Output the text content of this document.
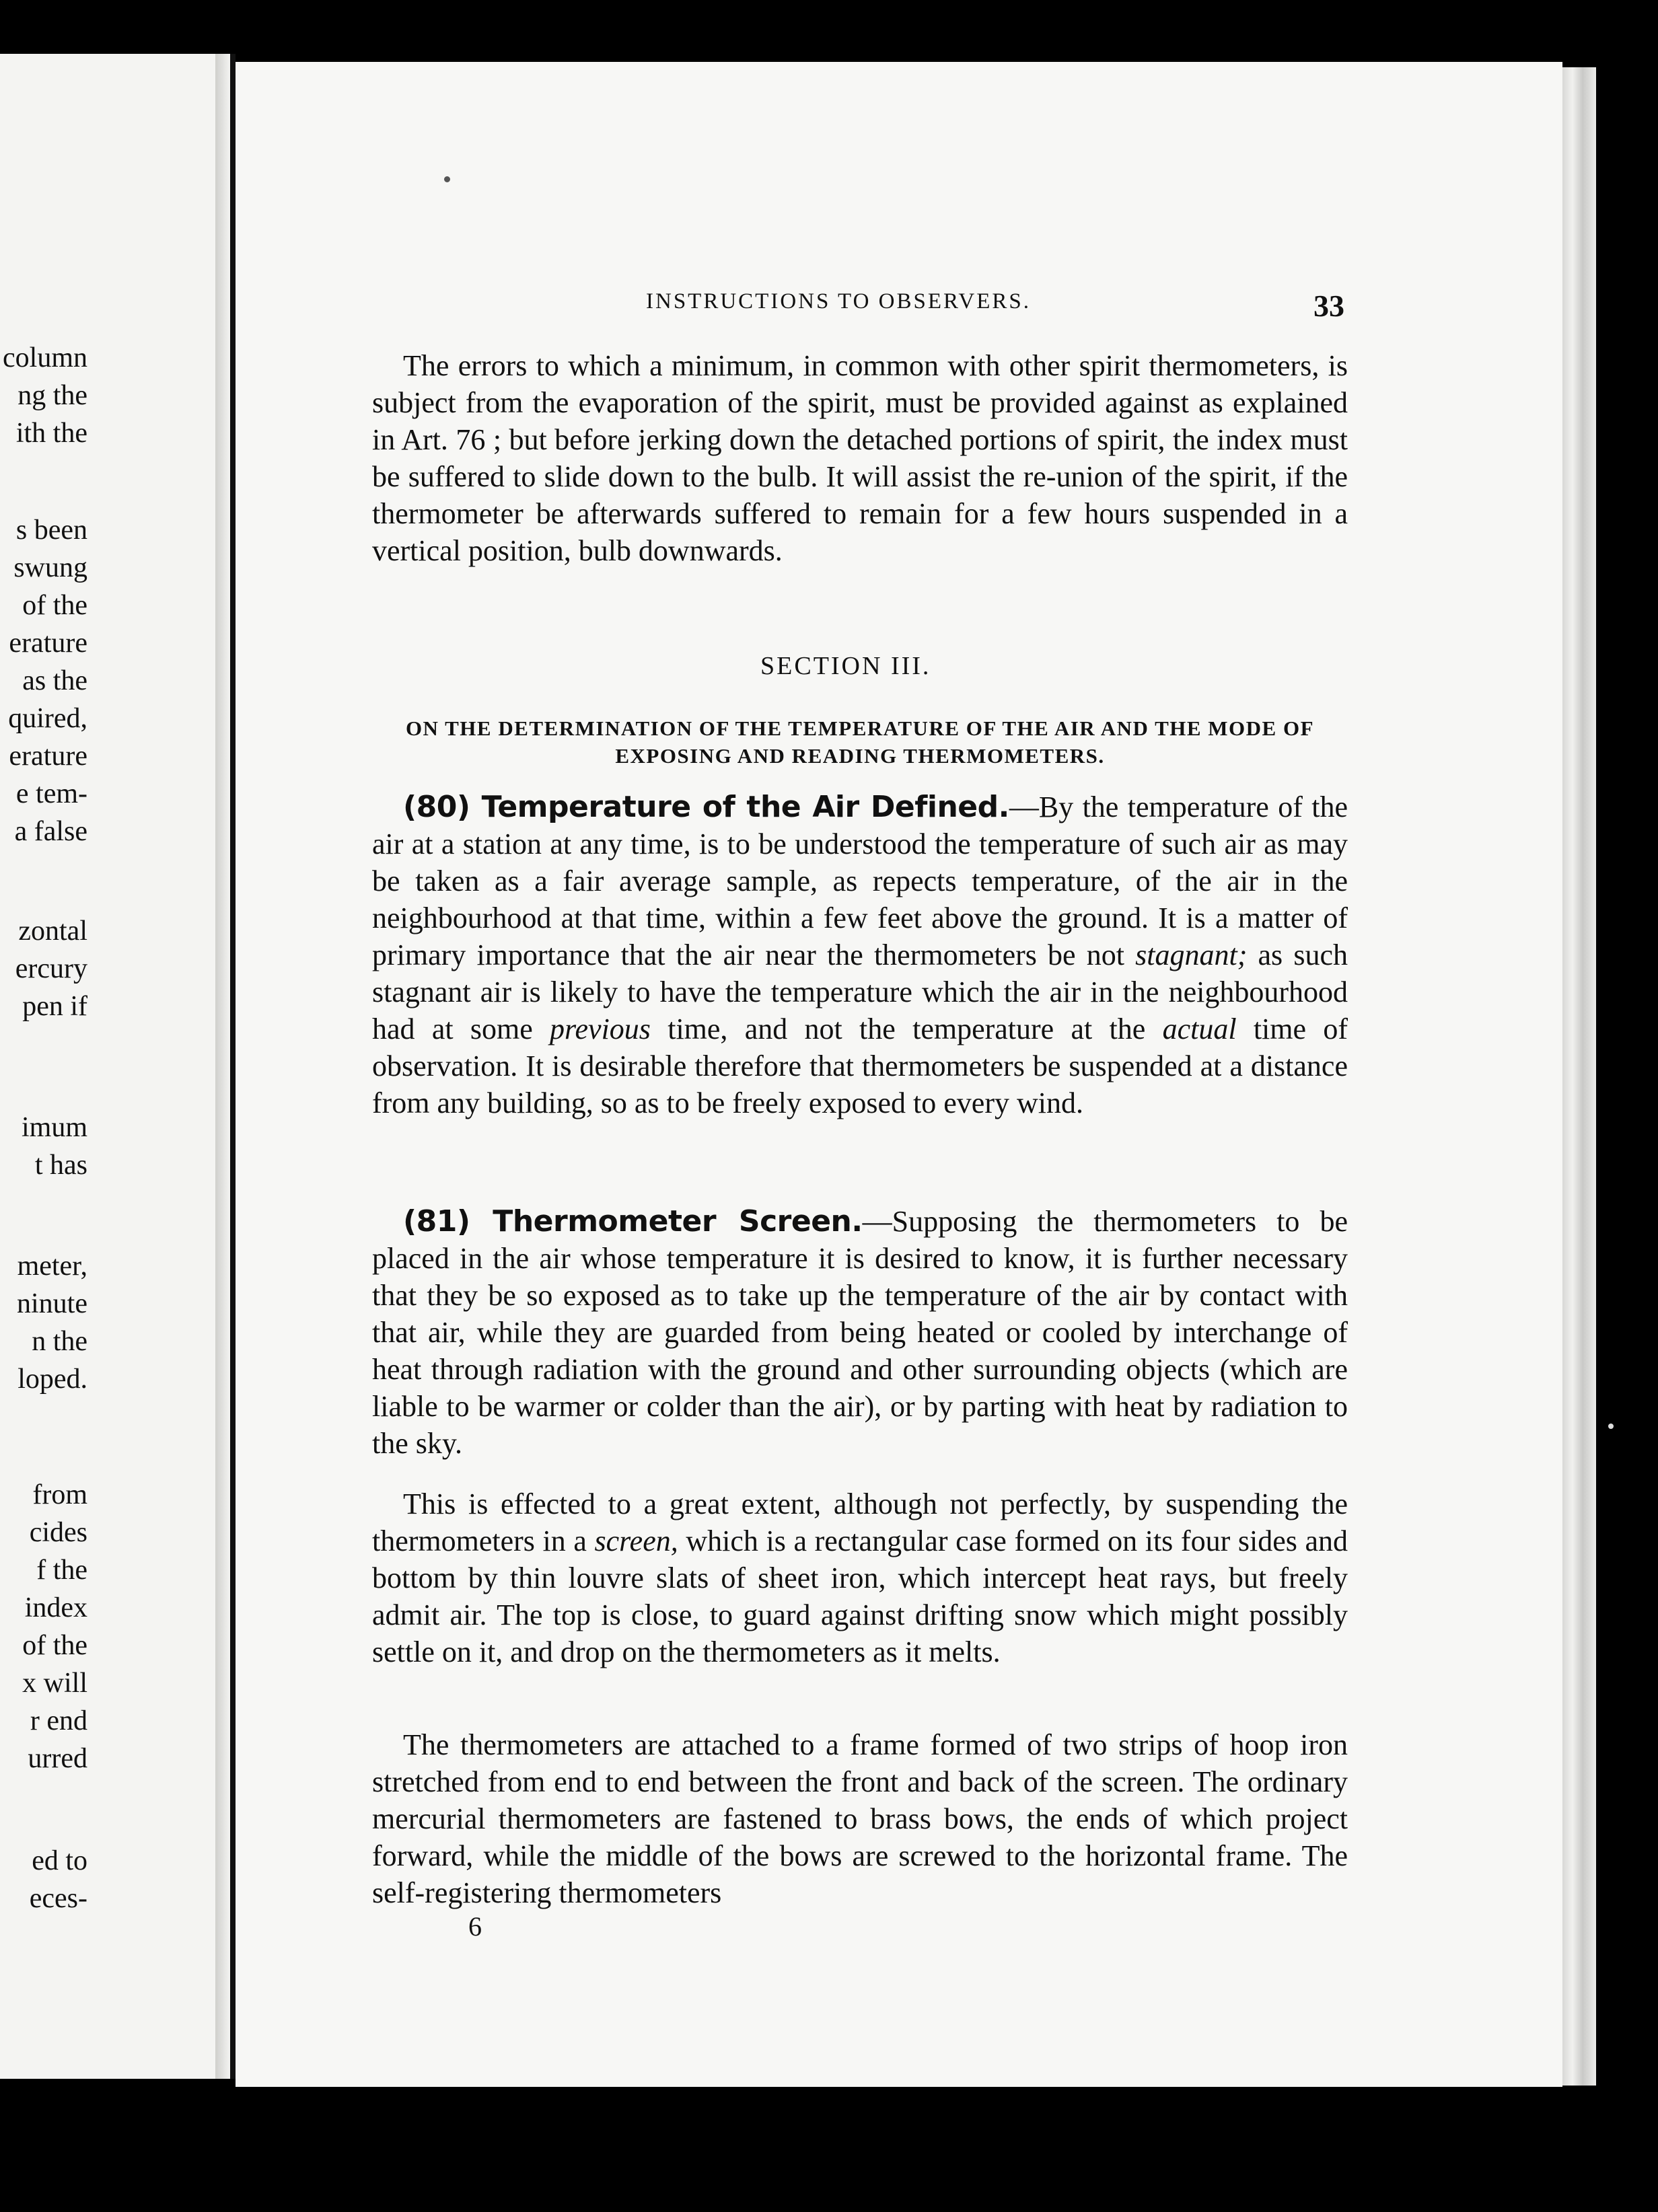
column
ng the
ith the
s been
swung
of the
erature
as the
quired,
erature
e tem-
a false
zontal
ercury
pen if
imum
t has
meter,
ninute
n the
loped.
from
cides
f the
index
of the
x will
r end
urred
ed to
eces-
INSTRUCTIONS TO OBSERVERS.	33

The errors to which a minimum, in common with other spirit thermometers, is subject from the evaporation of the spirit, must be provided against as explained in Art. 76 ; but before jerking down the detached portions of spirit, the index must be suffered to slide down to the bulb. It will assist the re-union of the spirit, if the thermometer be afterwards suffered to remain for a few hours suspended in a vertical position, bulb downwards.

SECTION III.
ON THE DETERMINATION OF THE TEMPERATURE OF THE AIR AND THE MODE OF EXPOSING AND READING THERMOMETERS.

(80) Temperature of the Air Defined.—By the temperature of the air at a station at any time, is to be understood the temperature of such air as may be taken as a fair average sample, as repects temperature, of the air in the neighbourhood at that time, within a few feet above the ground. It is a matter of primary importance that the air near the thermometers be not stagnant; as such stagnant air is likely to have the temperature which the air in the neighbourhood had at some previous time, and not the temperature at the actual time of observation. It is desirable therefore that thermometers be suspended at a distance from any building, so as to be freely exposed to every wind.

(81) Thermometer Screen.—Supposing the thermometers to be placed in the air whose temperature it is desired to know, it is further necessary that they be so exposed as to take up the temperature of the air by contact with that air, while they are guarded from being heated or cooled by interchange of heat through radiation with the ground and other surrounding objects (which are liable to be warmer or colder than the air), or by parting with heat by radiation to the sky.

This is effected to a great extent, although not perfectly, by suspending the thermometers in a screen, which is a rectangular case formed on its four sides and bottom by thin louvre slats of sheet iron, which intercept heat rays, but freely admit air. The top is close, to guard against drifting snow which might possibly settle on it, and drop on the thermometers as it melts.

The thermometers are attached to a frame formed of two strips of hoop iron stretched from end to end between the front and back of the screen. The ordinary mercurial thermometers are fastened to brass bows, the ends of which project forward, while the middle of the bows are screwed to the horizontal frame. The self-registering thermometers

6
